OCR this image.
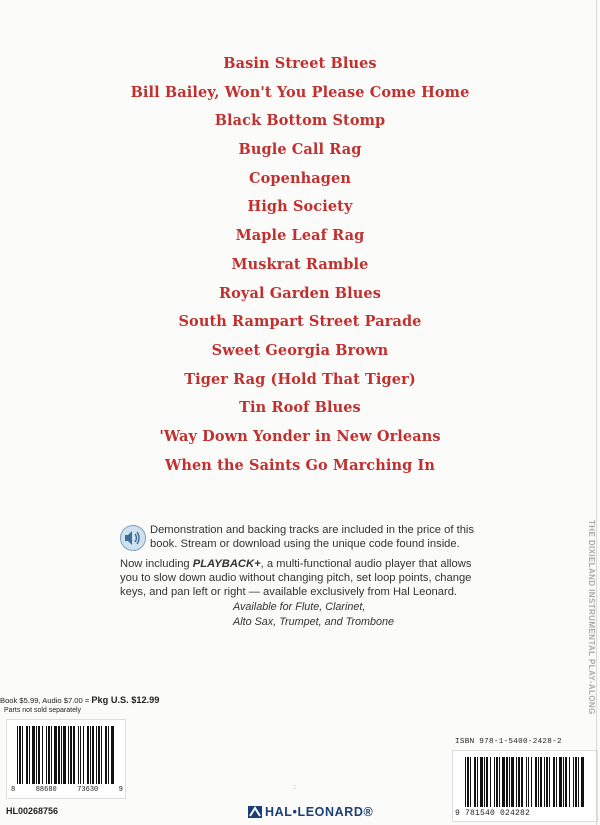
Basin Street Blues
Bill Bailey, Won't You Please Come Home
Black Bottom Stomp
Bugle Call Rag
Copenhagen
High Society
Maple Leaf Rag
Muskrat Ramble
Royal Garden Blues
South Rampart Street Parade
Sweet Georgia Brown
Tiger Rag (Hold That Tiger)
Tin Roof Blues
'Way Down Yonder in New Orleans
When the Saints Go Marching In
Demonstration and backing tracks are included in the price of this book. Stream or download using the unique code found inside.
Now including PLAYBACK+, a multi-functional audio player that allows you to slow down audio without changing pitch, set loop points, change keys, and pan left or right — available exclusively from Hal Leonard.
Available for Flute, Clarinet,
Alto Sax, Trumpet, and Trombone
Book $5.99, Audio $7.00 = Pkg U.S. $12.99
Parts not sold separately
8	88680	73630	9
HL00268756
::
HAL•LEONARD®
ISBN 978-1-5400-2428-2
9 781540 024282
THE DIXIELAND INSTRUMENTAL PLAY-ALONG
